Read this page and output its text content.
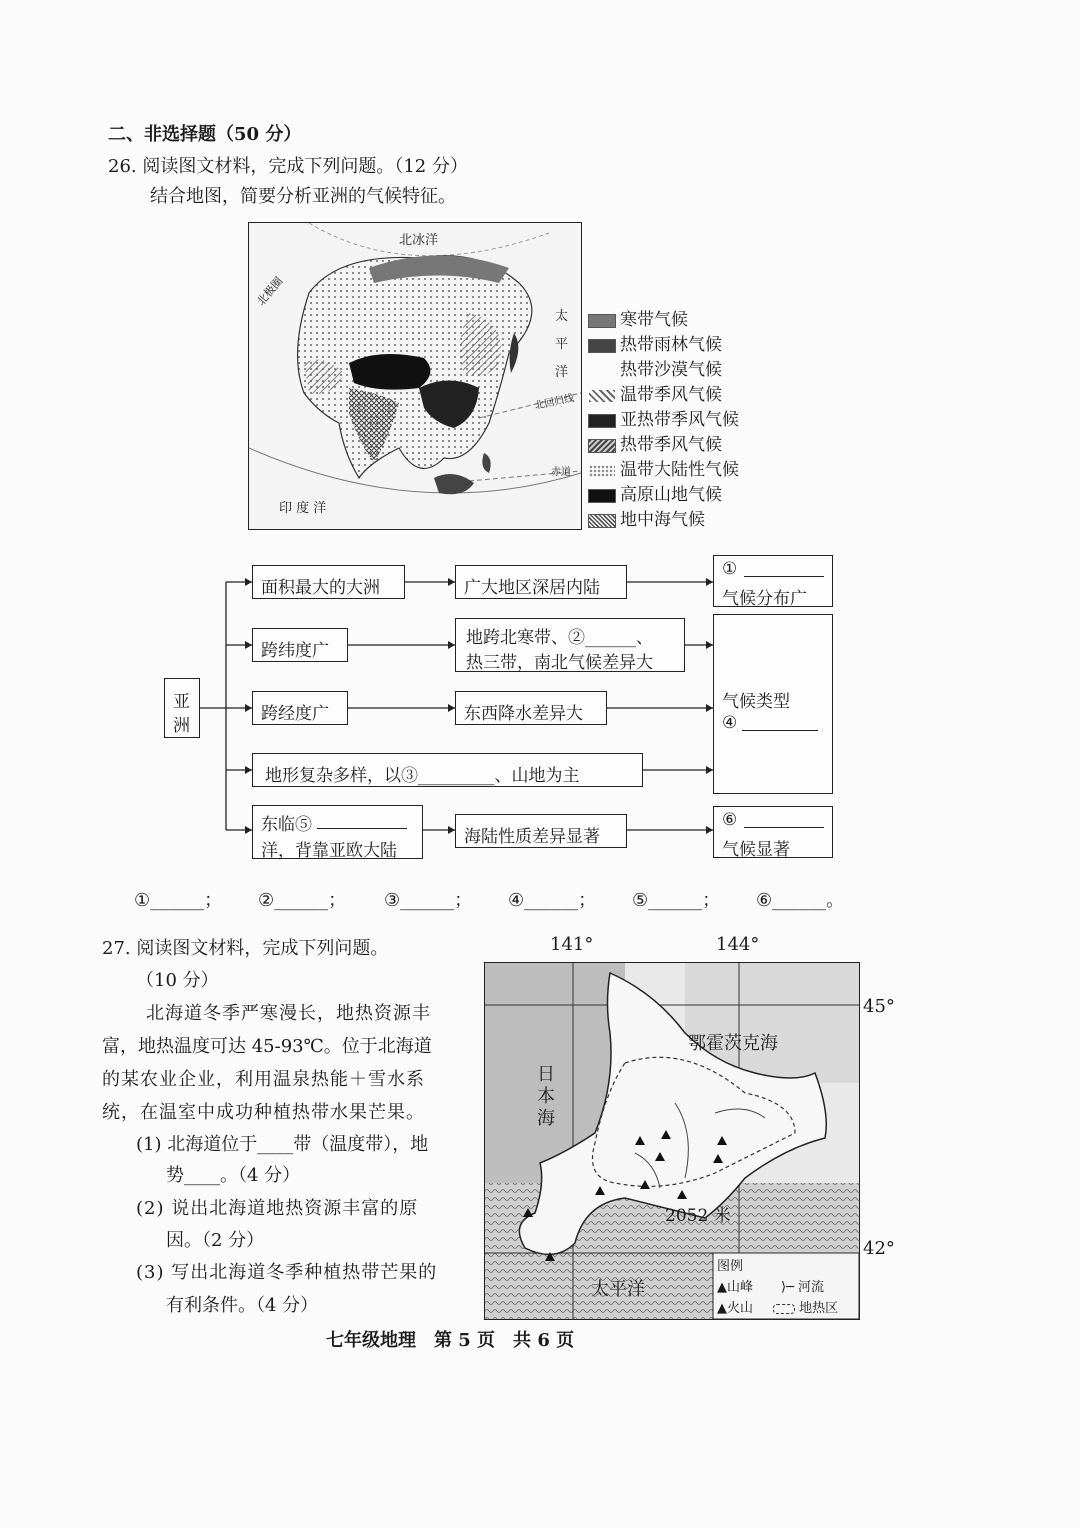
二、非选择题（50 分）
26. 阅读图文材料，完成下列问题。（12 分）
结合地图，简要分析亚洲的气候特征。
北冰洋
北极圈
太
平
洋
北回归线
赤道
印 度 洋
寒带气候
热带雨林气候
热带沙漠气候
温带季风气候
亚热带季风气候
热带季风气候
温带大陆性气候
高原山地气候
地中海气候
亚
洲
面积最大的大洲	广大地区深居内陆
①
气候分布广
跨纬度广
地跨北寒带、②______、
热三带，南北气候差异大
气候类型
④
跨经度广	东西降水差异大
地形复杂多样，以③_________、山地为主
东临⑤
洋，背靠亚欧大陆
海陆性质差异显著
⑥
气候显著
①______； ②______； ③______； ④______； ⑤______； ⑥______。
27. 阅读图文材料，完成下列问题。
（10 分）
北海道冬季严寒漫长，地热资源丰
富，地热温度可达 45-93℃。位于北海道
的某农业企业，利用温泉热能＋雪水系
统，在温室中成功种植热带水果芒果。
(1) 北海道位于____带（温度带），地
势____。（4 分）
(2) 说出北海道地热资源丰富的原
因。（2 分）
(3) 写出北海道冬季种植热带芒果的
有利条件。（4 分）
141°	144°
45°
42°
鄂霍茨克海
日
本
海
2052 米
太平洋
图例
▲山峰 ⟩─ 河流
▲火山	地热区
七年级地理　第 5 页　共 6 页
